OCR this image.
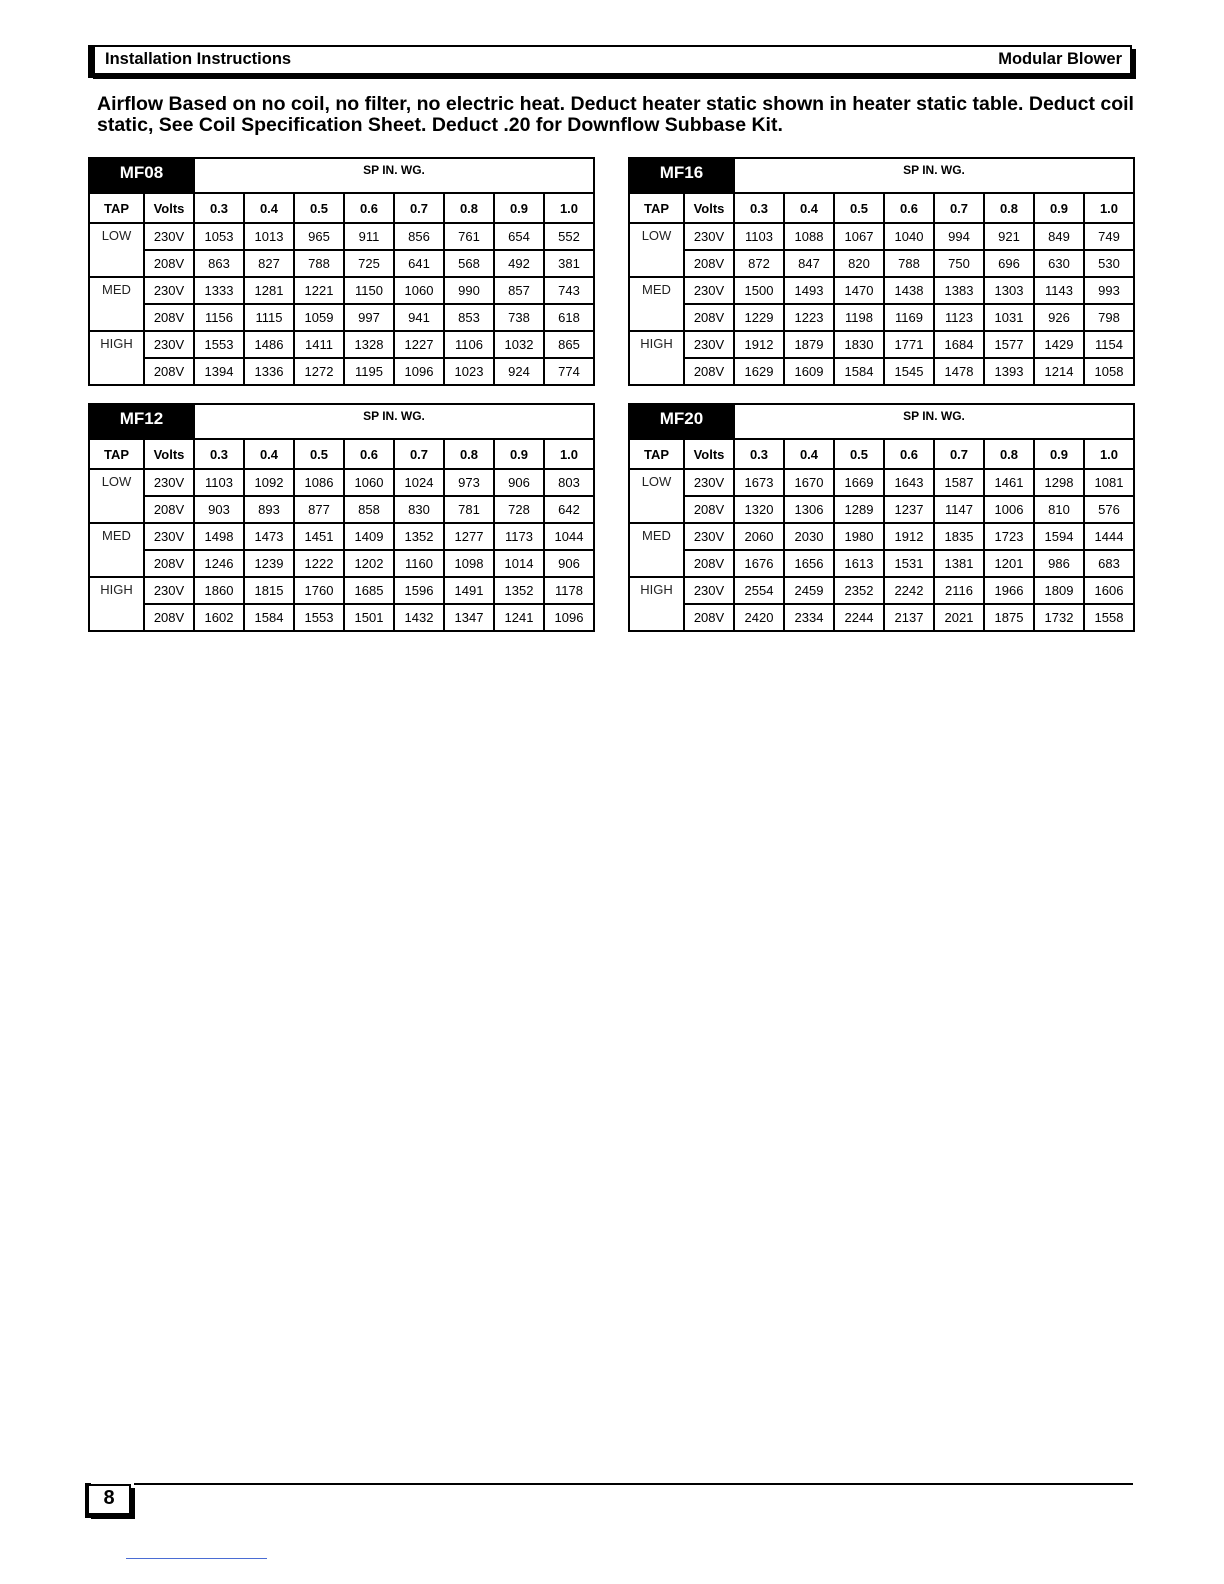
Installation Instructions	Modular Blower

Airflow Based on no coil, no filter, no electric heat. Deduct heater static shown in heater static table. Deduct coil static, See Coil Specification Sheet. Deduct .20 for Downflow Subbase Kit.

8
MF08		SP IN. WG.							
TAP	Volts	0.3	0.4	0.5	0.6	0.7	0.8	0.9	1.0
LOW	230V	1053	1013	965	911	856	761	654	552
	208V	863	827	788	725	641	568	492	381
MED	230V	1333	1281	1221	1150	1060	990	857	743
	208V	1156	1115	1059	997	941	853	738	618
HIGH	230V	1553	1486	1411	1328	1227	1106	1032	865
	208V	1394	1336	1272	1195	1096	1023	924	774
MF16		SP IN. WG.							
TAP	Volts	0.3	0.4	0.5	0.6	0.7	0.8	0.9	1.0
LOW	230V	1103	1088	1067	1040	994	921	849	749
	208V	872	847	820	788	750	696	630	530
MED	230V	1500	1493	1470	1438	1383	1303	1143	993
	208V	1229	1223	1198	1169	1123	1031	926	798
HIGH	230V	1912	1879	1830	1771	1684	1577	1429	1154
	208V	1629	1609	1584	1545	1478	1393	1214	1058
MF12		SP IN. WG.							
TAP	Volts	0.3	0.4	0.5	0.6	0.7	0.8	0.9	1.0
LOW	230V	1103	1092	1086	1060	1024	973	906	803
	208V	903	893	877	858	830	781	728	642
MED	230V	1498	1473	1451	1409	1352	1277	1173	1044
	208V	1246	1239	1222	1202	1160	1098	1014	906
HIGH	230V	1860	1815	1760	1685	1596	1491	1352	1178
	208V	1602	1584	1553	1501	1432	1347	1241	1096
MF20		SP IN. WG.							
TAP	Volts	0.3	0.4	0.5	0.6	0.7	0.8	0.9	1.0
LOW	230V	1673	1670	1669	1643	1587	1461	1298	1081
	208V	1320	1306	1289	1237	1147	1006	810	576
MED	230V	2060	2030	1980	1912	1835	1723	1594	1444
	208V	1676	1656	1613	1531	1381	1201	986	683
HIGH	230V	2554	2459	2352	2242	2116	1966	1809	1606
	208V	2420	2334	2244	2137	2021	1875	1732	1558
